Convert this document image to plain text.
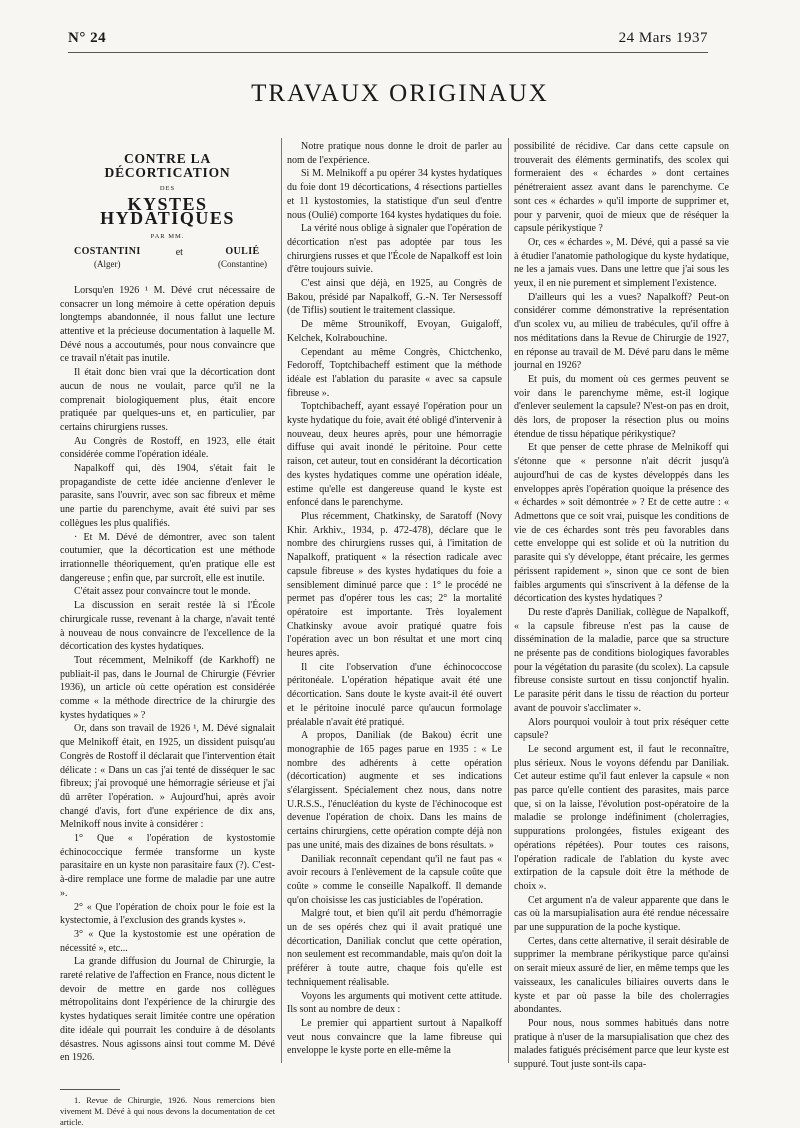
N° 24	24 Mars 1937
TRAVAUX ORIGINAUX
CONTRE LA DÉCORTICATION
DES
KYSTES HYDATIQUES
PAR MM.
COSTANTINI
(Alger)
et	OULIÉ
(Constantine)

Lorsqu'en 1926 ¹ M. Dévé crut nécessaire de consacrer un long mémoire à cette opération depuis longtemps abandonnée, il nous fallut une lecture attentive et la précieuse documentation à laquelle M. Dévé nous a accoutumés, pour nous convaincre que ce travail n'était pas inutile.

Il était donc bien vrai que la décortication dont aucun de nous ne voulait, parce qu'il ne la comprenait biologiquement plus, était encore pratiquée par quelques-uns et, en particulier, par certains chirurgiens russes.

Au Congrès de Rostoff, en 1923, elle était considérée comme l'opération idéale.

Napalkoff qui, dès 1904, s'était fait le propagandiste de cette idée ancienne d'enlever le parasite, sans l'ouvrir, avec son sac fibreux et même une partie du parenchyme, avait été suivi par ses collègues les plus qualifiés.

· Et M. Dévé de démontrer, avec son talent coutumier, que la décortication est une méthode irrationnelle théoriquement, qu'en pratique elle est dangereuse ; enfin que, par surcroît, elle est inutile.

C'était assez pour convaincre tout le monde.

La discussion en serait restée là si l'École chirurgicale russe, revenant à la charge, n'avait tenté à nouveau de nous convaincre de l'excellence de la décortication des kystes hydatiques.

Tout récemment, Melnikoff (de Karkhoff) ne publiait-il pas, dans le Journal de Chirurgie (Février 1936), un article où cette opération est considérée comme « la méthode directrice de la chirurgie des kystes hydatiques » ?

Or, dans son travail de 1926 ¹, M. Dévé signalait que Melnikoff était, en 1925, un dissident puisqu'au Congrès de Rostoff il déclarait que l'intervention était délicate : « Dans un cas j'ai tenté de disséquer le sac fibreux; j'ai provoqué une hémorragie sérieuse et j'ai dû arrêter l'opération. » Aujourd'hui, après avoir changé d'avis, fort d'une expérience de dix ans, Melnikoff nous invite à considérer :

1° Que « l'opération de kystostomie échinococcique fermée transforme un kyste parasitaire en un kyste non parasitaire faux (?). C'est-à-dire remplace une forme de maladie par une autre ».

2° « Que l'opération de choix pour le foie est la kystectomie, à l'exclusion des grands kystes ».

3° « Que la kystostomie est une opération de nécessité », etc...

La grande diffusion du Journal de Chirurgie, la rareté relative de l'affection en France, nous dictent le devoir de mettre en garde nos collègues métropolitains dont l'expérience de la chirurgie des kystes hydatiques serait limitée contre une opération dite idéale qui pourrait les conduire à de désolants désastres. Nous agissons ainsi tout comme M. Dévé en 1926.

1. Revue de Chirurgie, 1926. Nous remercions bien vivement M. Dévé à qui nous devons la documentation de cet article.

Notre pratique nous donne le droit de parler au nom de l'expérience.

Si M. Melnikoff a pu opérer 34 kystes hydatiques du foie dont 19 décortications, 4 résections partielles et 11 kystostomies, la statistique d'un seul d'entre nous (Oulié) comporte 164 kystes hydatiques du foie.

La vérité nous oblige à signaler que l'opération de décortication n'est pas adoptée par tous les chirurgiens russes et que l'École de Napalkoff est loin d'être toujours suivie.

C'est ainsi que déjà, en 1925, au Congrès de Bakou, présidé par Napalkoff, G.-N. Ter Nersessoff (de Tiflis) soutient le traitement classique.

De même Strounikoff, Evoyan, Guigaloff, Kelchek, Kolrabouchine.

Cependant au même Congrès, Chictchenko, Fedoroff, Toptchibacheff estiment que la méthode idéale est l'ablation du parasite « avec sa capsule fibreuse ».

Toptchibacheff, ayant essayé l'opération pour un kyste hydatique du foie, avait été obligé d'intervenir à nouveau, deux heures après, pour une hémorragie diffuse qui avait inondé le péritoine. Pour cette raison, cet auteur, tout en considérant la décortication des kystes hydatiques comme une opération idéale, estime qu'elle est dangereuse quand le kyste est enfoncé dans le parenchyme.

Plus récemment, Chatkinsky, de Saratoff (Novy Khir. Arkhiv., 1934, p. 472-478), déclare que le nombre des chirurgiens russes qui, à l'imitation de Napalkoff, pratiquent « la résection radicale avec capsule fibreuse » des kystes hydatiques du foie a sensiblement diminué parce que : 1° le procédé ne permet pas d'opérer tous les cas; 2° la mortalité opératoire est importante. Très loyalement Chatkinsky avoue avoir pratiqué quatre fois l'opération avec un bon résultat et une mort cinq heures après.

Il cite l'observation d'une échinococcose péritonéale. L'opération hépatique avait été une décortication. Sans doute le kyste avait-il été ouvert et le péritoine inoculé parce qu'aucun formolage préalable n'avait été pratiqué.

A propos, Daniliak (de Bakou) écrit une monographie de 165 pages parue en 1935 : « Le nombre des adhérents à cette opération (décortication) augmente et ses indications s'élargissent. Spécialement chez nous, dans notre U.R.S.S., l'énucléation du kyste de l'échinocoque est devenue l'opération de choix. Dans les mains de certains chirurgiens, cette opération compte déjà non pas une unité, mais des dizaines de bons résultats. »

Daniliak reconnaît cependant qu'il ne faut pas « avoir recours à l'enlèvement de la capsule coûte que coûte » comme le conseille Napalkoff. Il demande qu'on choisisse les cas justiciables de l'opération.

Malgré tout, et bien qu'il ait perdu d'hémorragie un de ses opérés chez qui il avait pratiqué une décortication, Daniliak conclut que cette opération, non seulement est recommandable, mais qu'on doit la préférer à toute autre, chaque fois qu'elle est techniquement réalisable.

Voyons les arguments qui motivent cette attitude. Ils sont au nombre de deux :

Le premier qui appartient surtout à Napalkoff veut nous convaincre que la lame fibreuse qui enveloppe le kyste porte en elle-même la

possibilité de récidive. Car dans cette capsule on trouverait des éléments germinatifs, des scolex qui formeraient des « échardes » dont certaines pénétreraient assez avant dans le parenchyme. Ce sont ces « échardes » qu'il importe de supprimer et, pour y parvenir, quoi de mieux que de réséquer la capsule périkystique ?

Or, ces « échardes », M. Dévé, qui a passé sa vie à étudier l'anatomie pathologique du kyste hydatique, ne les a jamais vues. Dans une lettre que j'ai sous les yeux, il en nie purement et simplement l'existence.

D'ailleurs qui les a vues? Napalkoff? Peut-on considérer comme démonstrative la représentation d'un scolex vu, au milieu de trabécules, qu'il offre à nos méditations dans la Revue de Chirurgie de 1927, en réponse au travail de M. Dévé paru dans le même journal en 1926?

Et puis, du moment où ces germes peuvent se voir dans le parenchyme même, est-il logique d'enlever seulement la capsule? N'est-on pas en droit, dès lors, de proposer la résection plus ou moins étendue de tissu hépatique périkystique?

Et que penser de cette phrase de Melnikoff qui s'étonne que « personne n'ait décrit jusqu'à aujourd'hui de cas de kystes développés dans les enveloppes après l'opération quoique la présence des « échardes » soit démontrée » ? Et de cette autre : « Admettons que ce soit vrai, puisque les conditions de vie de ces échardes sont très peu favorables dans cette enveloppe qui est solide et où la nutrition du parasite qui s'y développe, étant précaire, les germes périssent rapidement », sinon que ce sont de bien faibles arguments qui s'inscrivent à la défense de la décortication des kystes hydatiques ?

Du reste d'après Daniliak, collègue de Napalkoff, « la capsule fibreuse n'est pas la cause de dissémination de la maladie, parce que sa structure ne présente pas de conditions biologiques favorables pour la végétation du parasite (du scolex). La capsule fibreuse consiste surtout en tissu conjonctif hyalin. Le parasite périt dans le tissu de réaction du porteur avant de pouvoir s'acclimater ».

Alors pourquoi vouloir à tout prix réséquer cette capsule?

Le second argument est, il faut le reconnaître, plus sérieux. Nous le voyons défendu par Daniliak. Cet auteur estime qu'il faut enlever la capsule « non pas parce qu'elle contient des parasites, mais parce que, si on la laisse, l'évolution post-opératoire de la maladie se prolonge indéfiniment (cholerragies, suppurations prolongées, fistules exigeant des opérations répétées). Pour toutes ces raisons, l'opération radicale de l'ablation du kyste avec extirpation de la capsule doit être la méthode de choix ».

Cet argument n'a de valeur apparente que dans le cas où la marsupialisation aura été rendue nécessaire par une suppuration de la poche kystique.

Certes, dans cette alternative, il serait désirable de supprimer la membrane périkystique parce qu'ainsi on serait mieux assuré de lier, en même temps que les vaisseaux, les canalicules biliaires ouverts dans le kyste et par où passe la bile des cholerragies abondantes.

Pour nous, nous sommes habitués dans notre pratique à n'user de la marsupialisation que chez des malades fatigués précisément parce que leur kyste est suppuré. Tout juste sont-ils capa-
